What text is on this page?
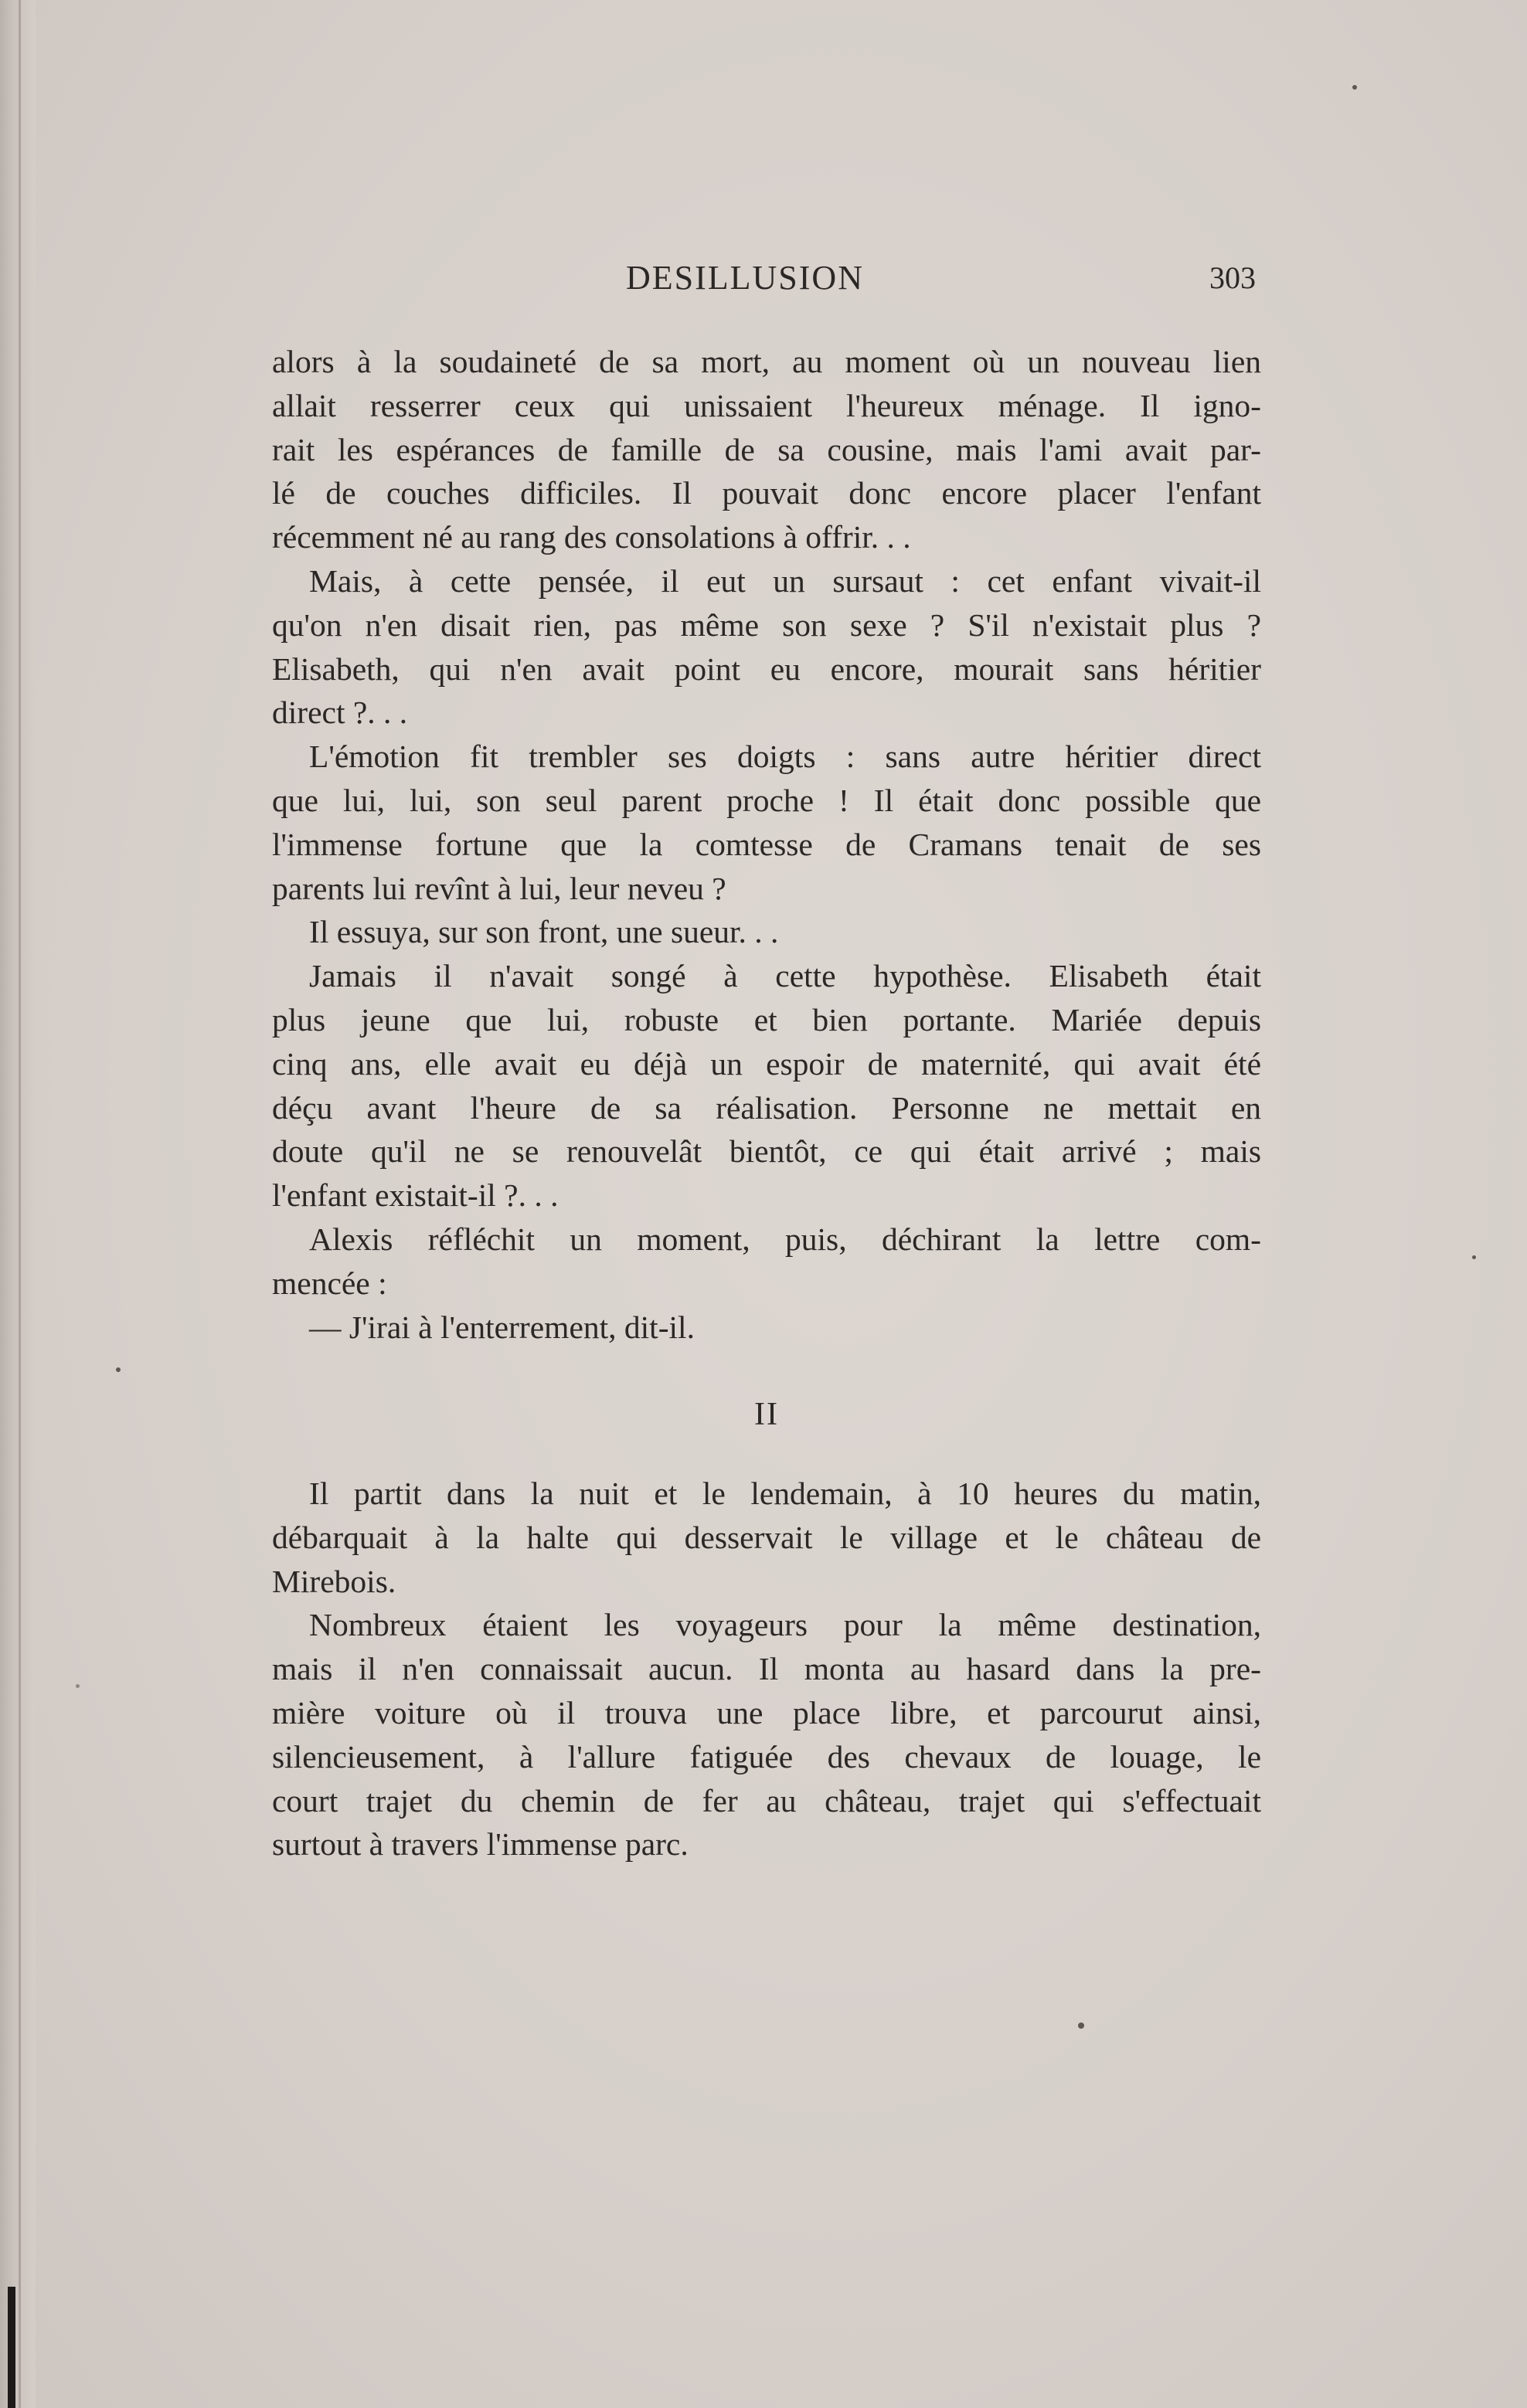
DESILLUSION	303
alors à la soudaineté de sa mort, au moment où un nouveau lien
allait resserrer ceux qui unissaient l'heureux ménage. Il igno-
rait les espérances de famille de sa cousine, mais l'ami avait par-
lé de couches difficiles. Il pouvait donc encore placer l'enfant
récemment né au rang des consolations à offrir. . .
Mais, à cette pensée, il eut un sursaut : cet enfant vivait-il
qu'on n'en disait rien, pas même son sexe ? S'il n'existait plus ?
Elisabeth, qui n'en avait point eu encore, mourait sans héritier
direct ?. . .
L'émotion fit trembler ses doigts : sans autre héritier direct
que lui, lui, son seul parent proche ! Il était donc possible que
l'immense fortune que la comtesse de Cramans tenait de ses
parents lui revînt à lui, leur neveu ?
Il essuya, sur son front, une sueur. . .
Jamais il n'avait songé à cette hypothèse. Elisabeth était
plus jeune que lui, robuste et bien portante. Mariée depuis
cinq ans, elle avait eu déjà un espoir de maternité, qui avait été
déçu avant l'heure de sa réalisation. Personne ne mettait en
doute qu'il ne se renouvelât bientôt, ce qui était arrivé ; mais
l'enfant existait-il ?. . .
Alexis réfléchit un moment, puis, déchirant la lettre com-
mencée :
— J'irai à l'enterrement, dit-il.
II
Il partit dans la nuit et le lendemain, à 10 heures du matin,
débarquait à la halte qui desservait le village et le château de
Mirebois.
Nombreux étaient les voyageurs pour la même destination,
mais il n'en connaissait aucun. Il monta au hasard dans la pre-
mière voiture où il trouva une place libre, et parcourut ainsi,
silencieusement, à l'allure fatiguée des chevaux de louage, le
court trajet du chemin de fer au château, trajet qui s'effectuait
surtout à travers l'immense parc.
